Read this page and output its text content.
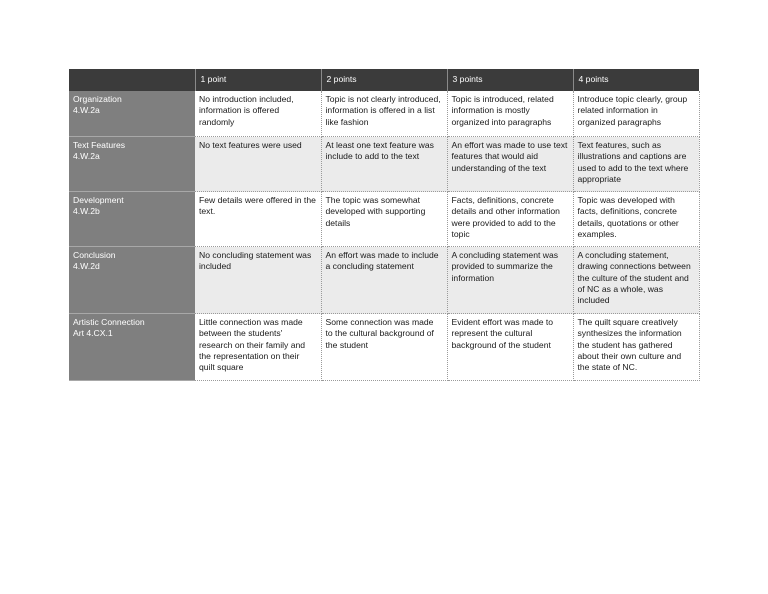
	1 point	2 points	3 points	4 points

Organization
4.W.2a	No introduction included, information is offered randomly	Topic is not clearly introduced, information is offered in a list like fashion	Topic is introduced, related information is mostly organized into paragraphs	Introduce topic clearly, group related information in organized paragraphs

Text Features
4.W.2a	No text features were used	At least one text feature was include to add to the text	An effort was made to use text features that would aid understanding of the text	Text features, such as illustrations and captions are used to add to the text where appropriate

Development
4.W.2b	Few details were offered in the text.	The topic was somewhat developed with supporting details	Facts, definitions, concrete details and other information were provided to add to the topic	Topic was developed with facts, definitions, concrete details, quotations or other examples.

Conclusion
4.W.2d	No concluding statement was included	An effort was made to include a concluding statement	A concluding statement was provided to summarize the information	A concluding statement, drawing connections between the culture of the student and of NC as a whole, was included

Artistic Connection
Art 4.CX.1	Little connection was made between the students' research on their family and the representation on their quilt square	Some connection was made to the cultural background of the student	Evident effort was made to represent the cultural background of the student	The quilt square creatively synthesizes the information the student has gathered about their own culture and the state of NC.
